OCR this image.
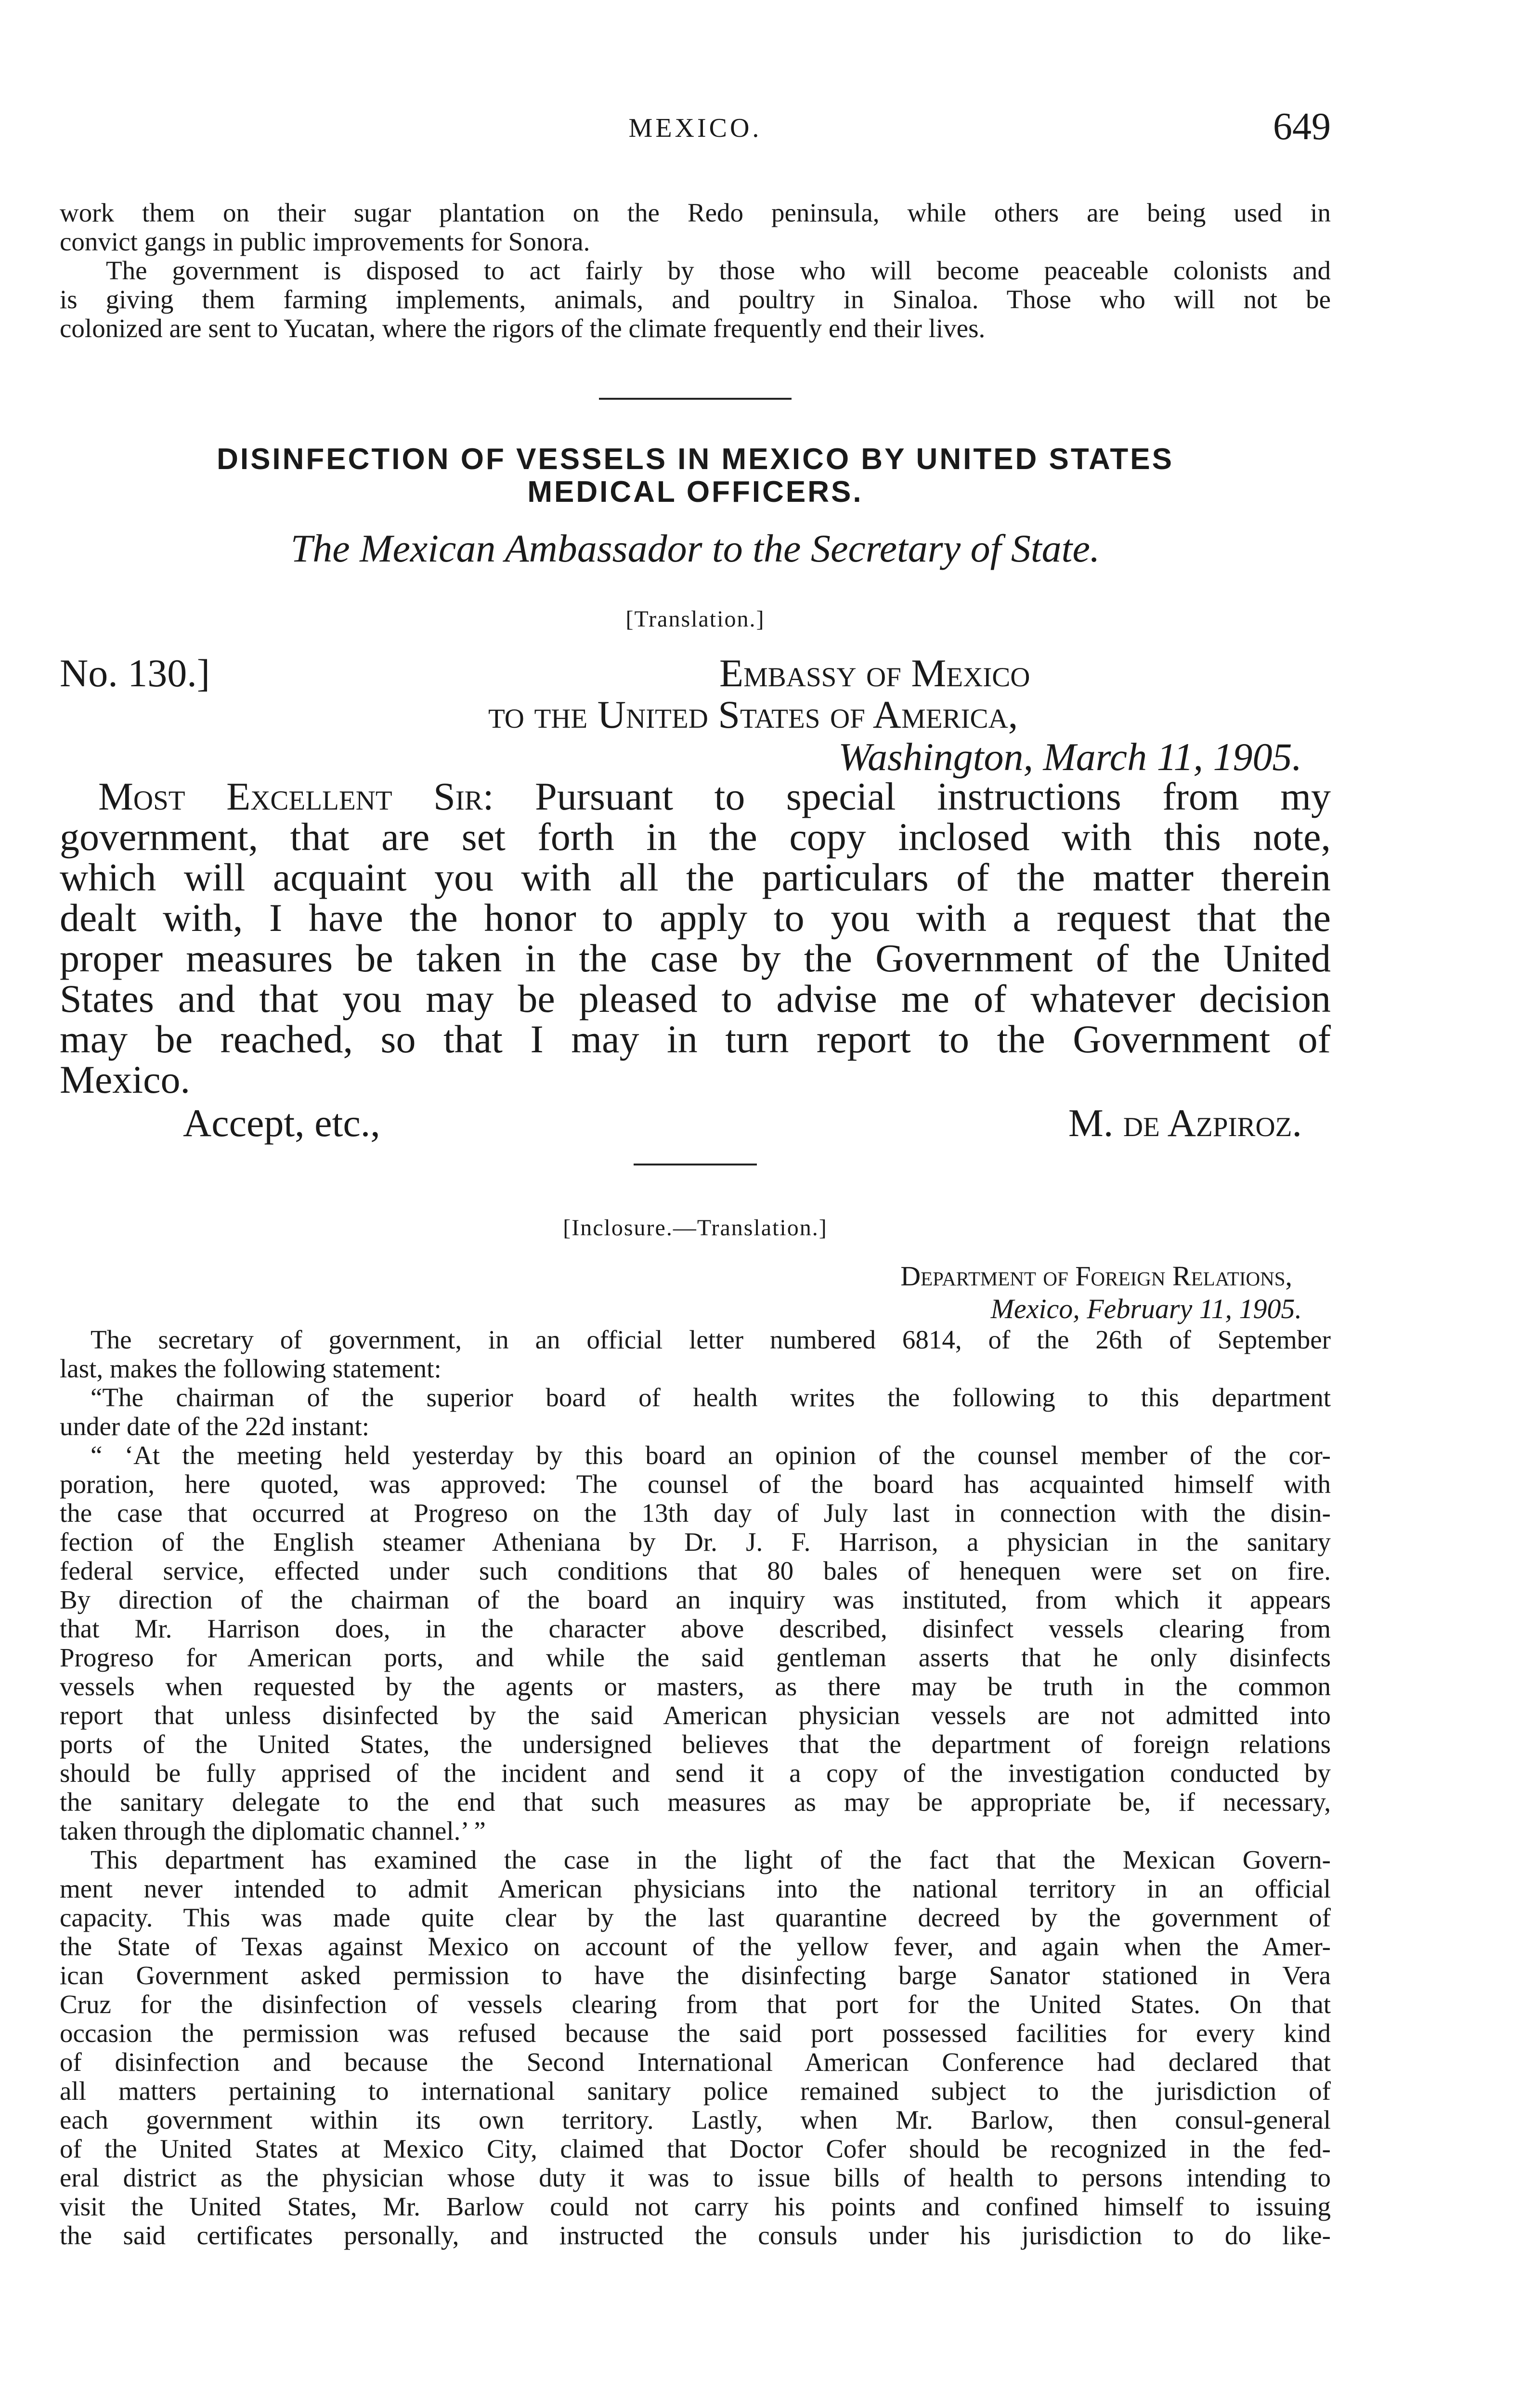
MEXICO.	649
work them on their sugar plantation on the Redo peninsula, while others are being used in
convict gangs in public improvements for Sonora.
The government is disposed to act fairly by those who will become peaceable colonists and
is giving them farming implements, animals, and poultry in Sinaloa. Those who will not be
colonized are sent to Yucatan, where the rigors of the climate frequently end their lives.
DISINFECTION OF VESSELS IN MEXICO BY UNITED STATES
MEDICAL OFFICERS.
The Mexican Ambassador to the Secretary of State.
[Translation.]
No. 130.]	Embassy of Mexico
to the United States of America,
Washington, March 11, 1905.
Most Excellent Sir: Pursuant to special instructions from my
government, that are set forth in the copy inclosed with this note,
which will acquaint you with all the particulars of the matter therein
dealt with, I have the honor to apply to you with a request that the
proper measures be taken in the case by the Government of the United
States and that you may be pleased to advise me of whatever decision
may be reached, so that I may in turn report to the Government of
Mexico.
Accept, etc.,	M. de Azpiroz.
[Inclosure.—Translation.]
Department of Foreign Relations,
Mexico, February 11, 1905.
The secretary of government, in an official letter numbered 6814, of the 26th of September
last, makes the following statement:
“The chairman of the superior board of health writes the following to this department
under date of the 22d instant:
“ ‘At the meeting held yesterday by this board an opinion of the counsel member of the cor-
poration, here quoted, was approved: The counsel of the board has acquainted himself with
the case that occurred at Progreso on the 13th day of July last in connection with the disin-
fection of the English steamer Atheniana by Dr. J. F. Harrison, a physician in the sanitary
federal service, effected under such conditions that 80 bales of henequen were set on fire.
By direction of the chairman of the board an inquiry was instituted, from which it appears
that Mr. Harrison does, in the character above described, disinfect vessels clearing from
Progreso for American ports, and while the said gentleman asserts that he only disinfects
vessels when requested by the agents or masters, as there may be truth in the common
report that unless disinfected by the said American physician vessels are not admitted into
ports of the United States, the undersigned believes that the department of foreign relations
should be fully apprised of the incident and send it a copy of the investigation conducted by
the sanitary delegate to the end that such measures as may be appropriate be, if necessary,
taken through the diplomatic channel.’ ”
This department has examined the case in the light of the fact that the Mexican Govern-
ment never intended to admit American physicians into the national territory in an official
capacity. This was made quite clear by the last quarantine decreed by the government of
the State of Texas against Mexico on account of the yellow fever, and again when the Amer-
ican Government asked permission to have the disinfecting barge Sanator stationed in Vera
Cruz for the disinfection of vessels clearing from that port for the United States. On that
occasion the permission was refused because the said port possessed facilities for every kind
of disinfection and because the Second International American Conference had declared that
all matters pertaining to international sanitary police remained subject to the jurisdiction of
each government within its own territory. Lastly, when Mr. Barlow, then consul-general
of the United States at Mexico City, claimed that Doctor Cofer should be recognized in the fed-
eral district as the physician whose duty it was to issue bills of health to persons intending to
visit the United States, Mr. Barlow could not carry his points and confined himself to issuing
the said certificates personally, and instructed the consuls under his jurisdiction to do like-
